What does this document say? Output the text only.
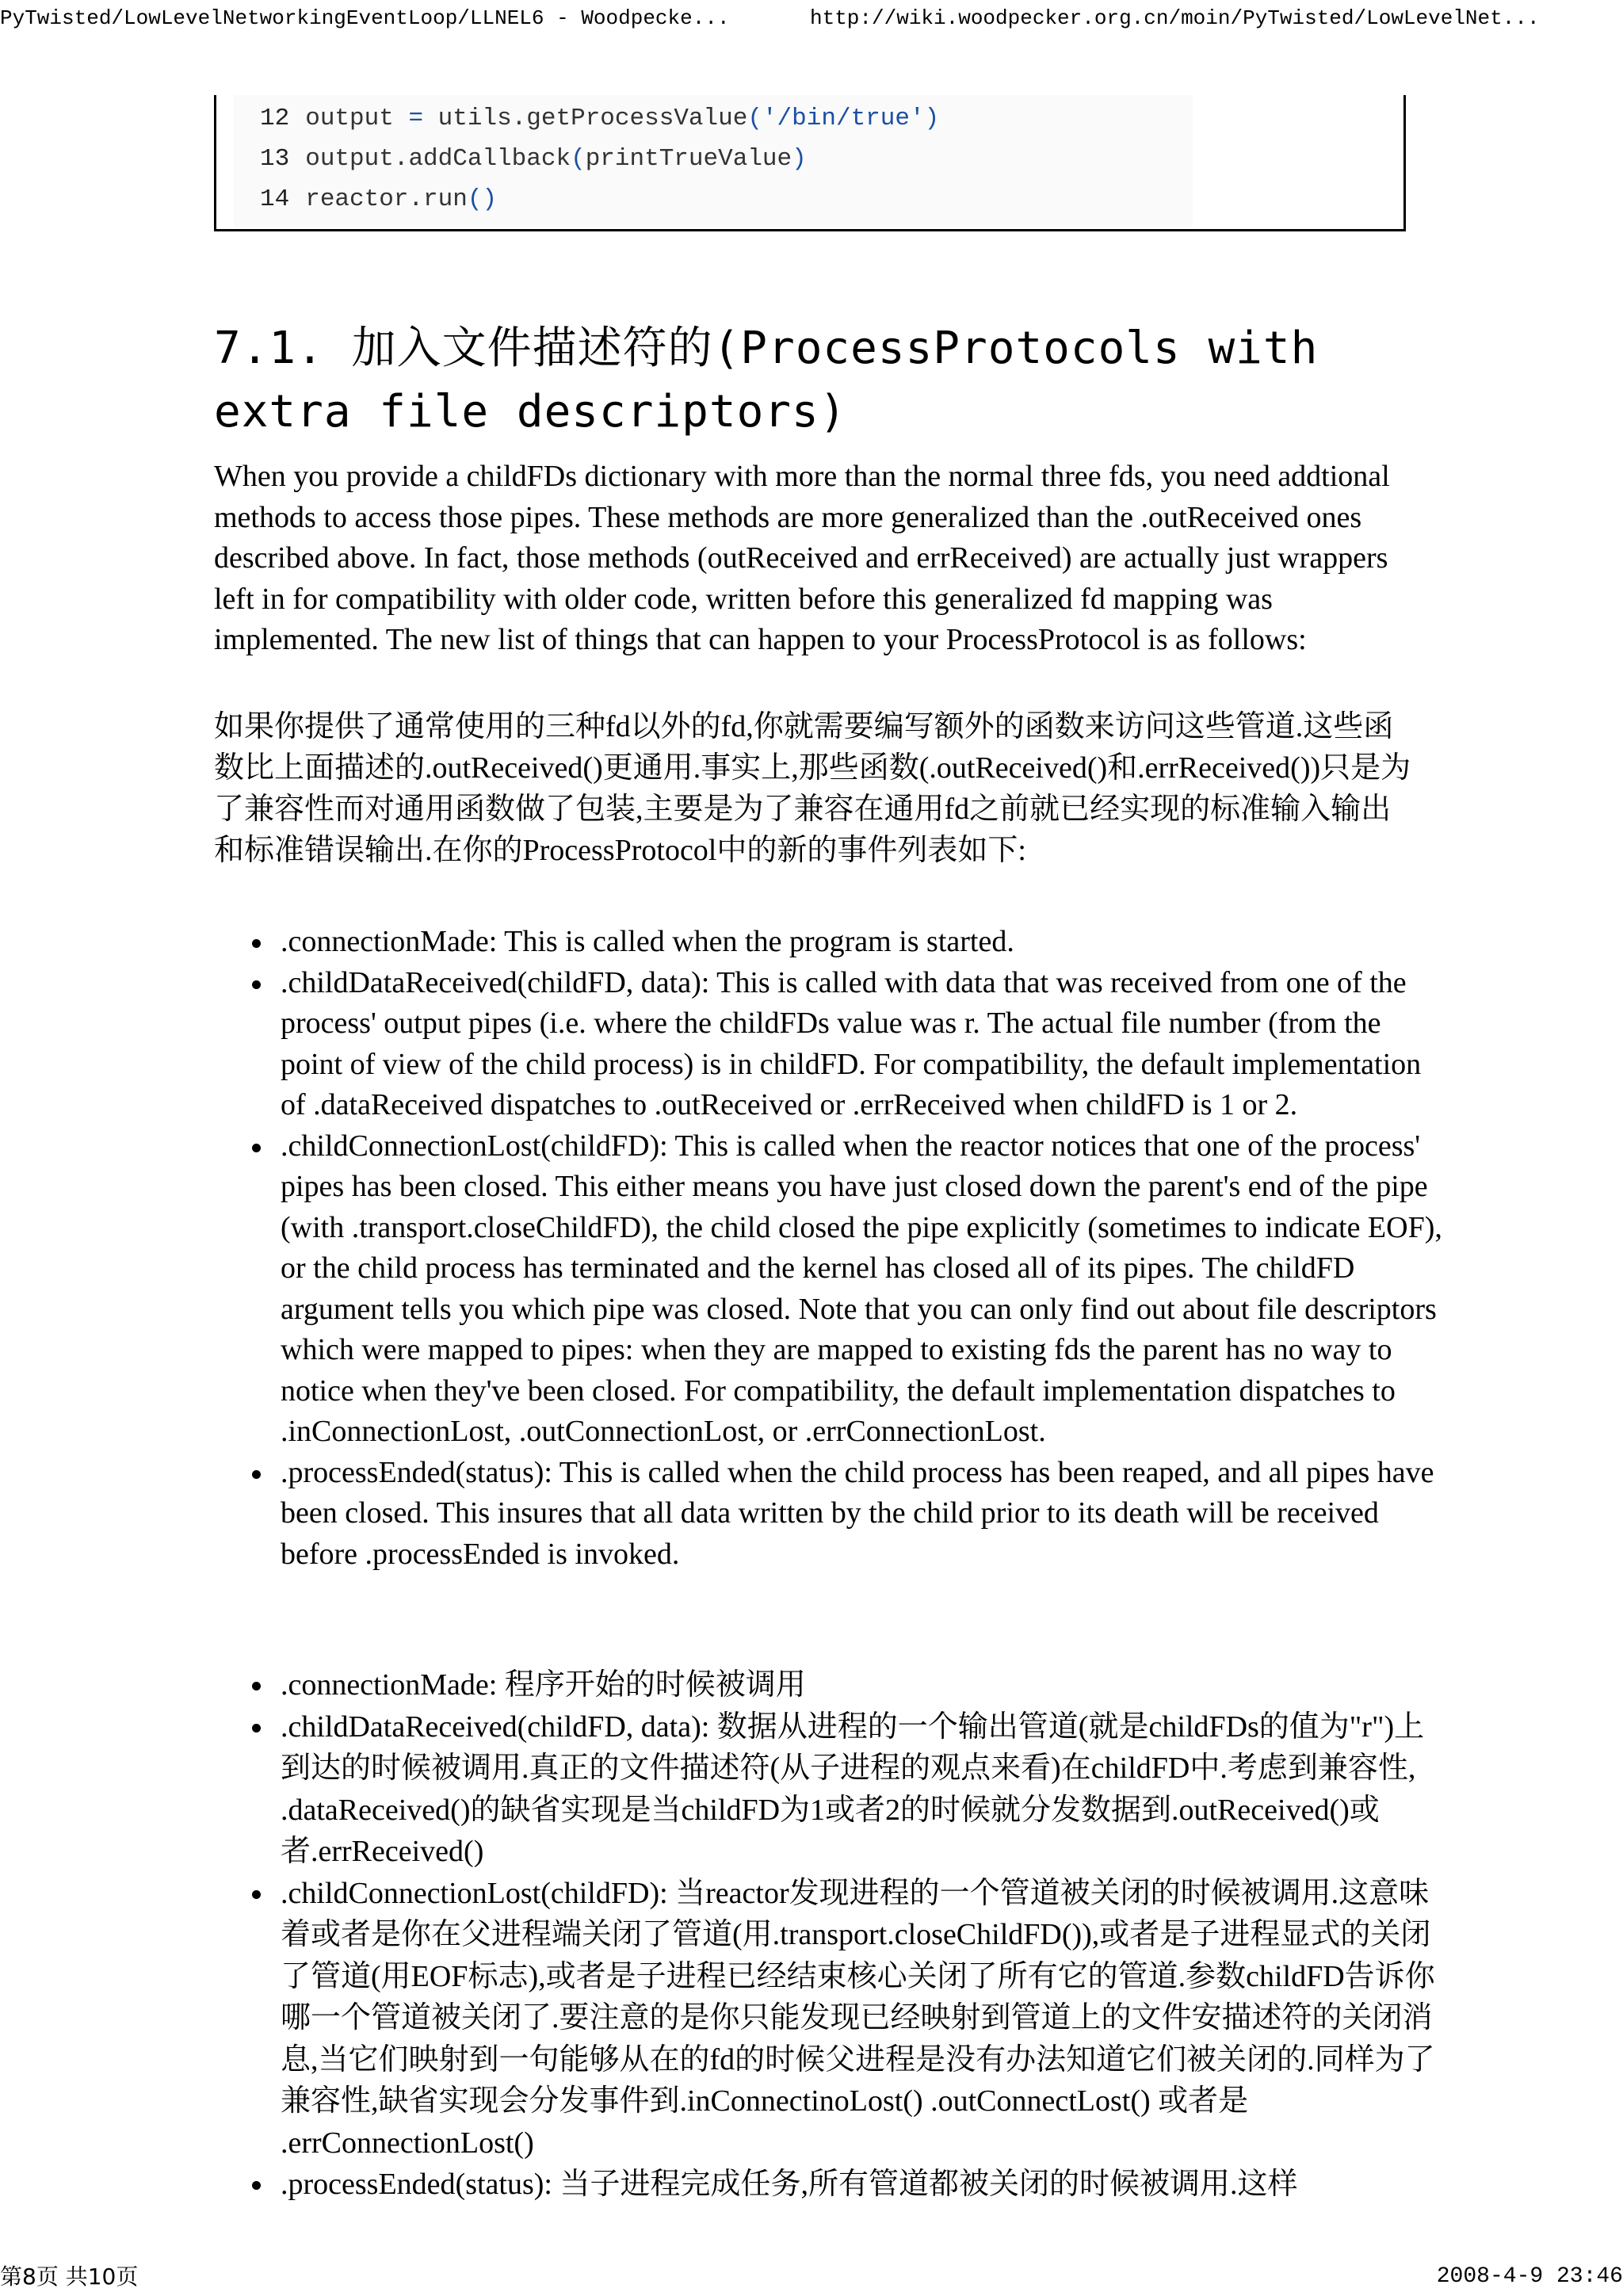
PyTwisted/LowLevelNetworkingEventLoop/LLNEL6 - Woodpecke...	http://wiki.woodpecker.org.cn/moin/PyTwisted/LowLevelNet...
12 output = utils.getProcessValue('/bin/true')
13 output.addCallback(printTrueValue)
14 reactor.run()
7.1. 加入文件描述符的(ProcessProtocols with extra file descriptors)
When you provide a childFDs dictionary with more than the normal three fds, you need addtional methods to access those pipes. These methods are more generalized than the .outReceived ones described above. In fact, those methods (outReceived and errReceived) are actually just wrappers left in for compatibility with older code, written before this generalized fd mapping was implemented. The new list of things that can happen to your ProcessProtocol is as follows:
如果你提供了通常使用的三种fd以外的fd,你就需要编写额外的函数来访问这些管道.这些函数比上面描述的.outReceived()更通用.事实上,那些函数(.outReceived()和.errReceived())只是为了兼容性而对通用函数做了包装,主要是为了兼容在通用fd之前就已经实现的标准输入输出和标准错误输出.在你的ProcessProtocol中的新的事件列表如下:
.connectionMade: This is called when the program is started.
.childDataReceived(childFD, data): This is called with data that was received from one of the process' output pipes (i.e. where the childFDs value was r. The actual file number (from the point of view of the child process) is in childFD. For compatibility, the default implementation of .dataReceived dispatches to .outReceived or .errReceived when childFD is 1 or 2.
.childConnectionLost(childFD): This is called when the reactor notices that one of the process' pipes has been closed. This either means you have just closed down the parent's end of the pipe (with .transport.closeChildFD), the child closed the pipe explicitly (sometimes to indicate EOF), or the child process has terminated and the kernel has closed all of its pipes. The childFD argument tells you which pipe was closed. Note that you can only find out about file descriptors which were mapped to pipes: when they are mapped to existing fds the parent has no way to notice when they've been closed. For compatibility, the default implementation dispatches to .inConnectionLost, .outConnectionLost, or .errConnectionLost.
.processEnded(status): This is called when the child process has been reaped, and all pipes have been closed. This insures that all data written by the child prior to its death will be received before .processEnded is invoked.
.connectionMade: 程序开始的时候被调用
.childDataReceived(childFD, data): 数据从进程的一个输出管道(就是childFDs的值为"r")上到达的时候被调用.真正的文件描述符(从子进程的观点来看)在childFD中.考虑到兼容性, .dataReceived()的缺省实现是当childFD为1或者2的时候就分发数据到.outReceived()或者.errReceived()
.childConnectionLost(childFD): 当reactor发现进程的一个管道被关闭的时候被调用.这意味着或者是你在父进程端关闭了管道(用.transport.closeChildFD()),或者是子进程显式的关闭了管道(用EOF标志),或者是子进程已经结束核心关闭了所有它的管道.参数childFD告诉你哪一个管道被关闭了.要注意的是你只能发现已经映射到管道上的文件安描述符的关闭消息,当它们映射到一句能够从在的fd的时候父进程是没有办法知道它们被关闭的.同样为了兼容性,缺省实现会分发事件到.inConnectinoLost() .outConnectLost() 或者是 .errConnectionLost()
.processEnded(status): 当子进程完成任务,所有管道都被关闭的时候被调用.这样
第8页 共10页	2008-4-9 23:46
